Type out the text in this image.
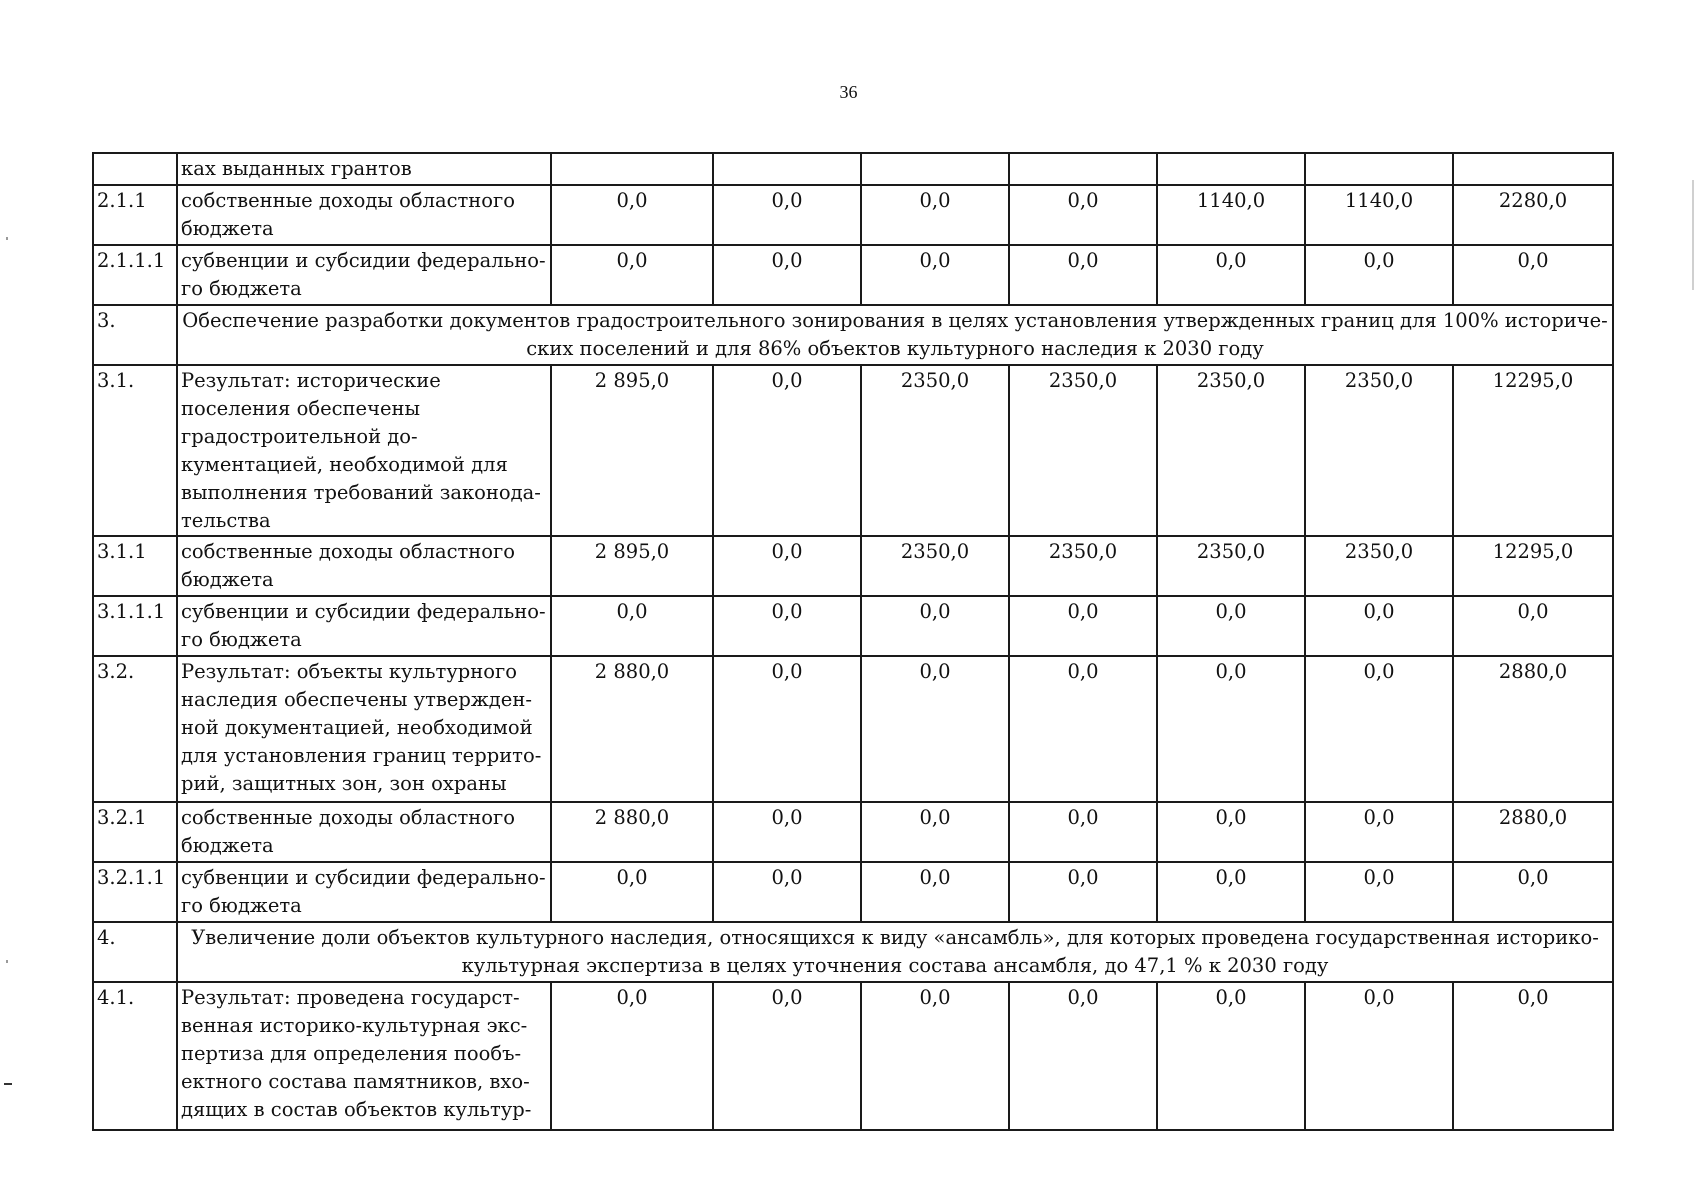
36
	ках выданных грантов							
2.1.1	собственные доходы областного бюджета	0,0	0,0	0,0	0,0	1140,0	1140,0	2280,0
2.1.1.1	субвенции и субсидии федерально-го бюджета	0,0	0,0	0,0	0,0	0,0	0,0	0,0
3.	Обеспечение разработки документов градостроительного зонирования в целях установления утвержденных границ для 100% историче-ских поселений и для 86% объектов культурного наследия к 2030 году							
3.1.	Результат: исторические поселения обеспечены градостроительной до-кументацией, необходимой для выполнения требований законода-тельства	2 895,0	0,0	2350,0	2350,0	2350,0	2350,0	12295,0
3.1.1	собственные доходы областного бюджета	2 895,0	0,0	2350,0	2350,0	2350,0	2350,0	12295,0
3.1.1.1	субвенции и субсидии федерально-го бюджета	0,0	0,0	0,0	0,0	0,0	0,0	0,0
3.2.	Результат: объекты культурного наследия обеспечены утвержден-ной документацией, необходимой для установления границ террито-рий, защитных зон, зон охраны	2 880,0	0,0	0,0	0,0	0,0	0,0	2880,0
3.2.1	собственные доходы областного бюджета	2 880,0	0,0	0,0	0,0	0,0	0,0	2880,0
3.2.1.1	субвенции и субсидии федерально-го бюджета	0,0	0,0	0,0	0,0	0,0	0,0	0,0
4.	Увеличение доли объектов культурного наследия, относящихся к виду «ансамбль», для которых проведена государственная историко-культурная экспертиза в целях уточнения состава ансамбля, до 47,1 % к 2030 году							
4.1.	Результат: проведена государст-венная историко-культурная экс-пертиза для определения пообъ-ектного состава памятников, вхо-дящих в состав объектов культур-	0,0	0,0	0,0	0,0	0,0	0,0	0,0
